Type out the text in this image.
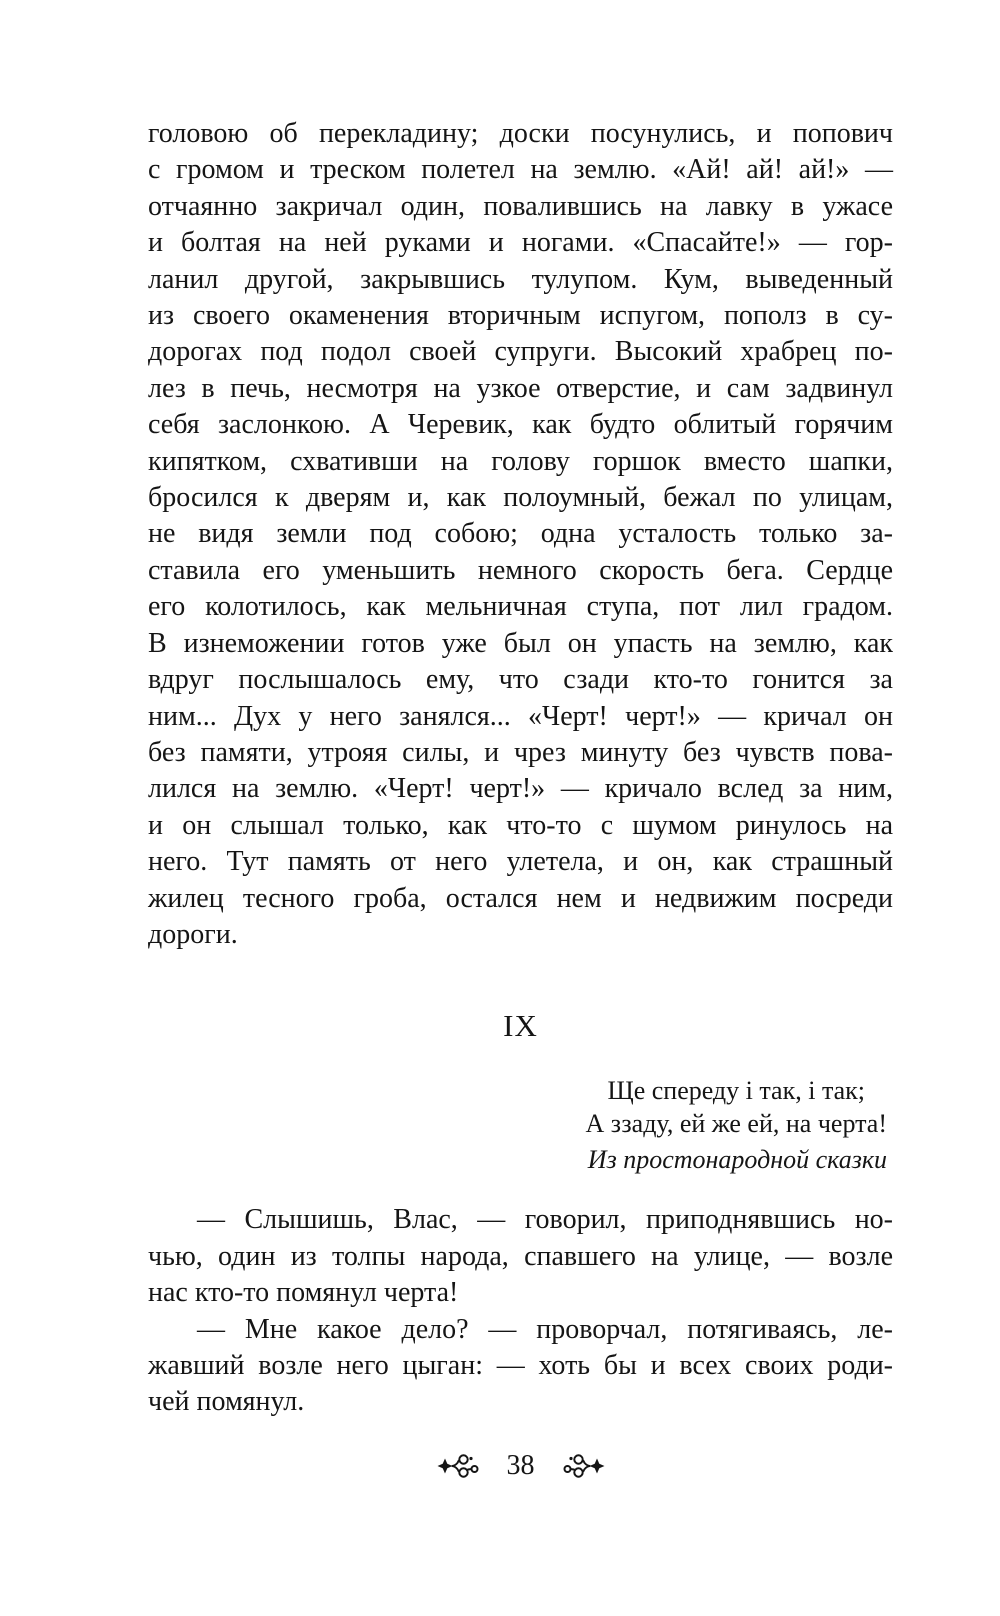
головою об перекладину; доски посунулись, и попович
с громом и треском полетел на землю. «Ай! ай! ай!» —
отчаянно закричал один, повалившись на лавку в ужасе
и болтая на ней руками и ногами. «Спасайте!» — гор-
ланил другой, закрывшись тулупом. Кум, выведенный
из своего окаменения вторичным испугом, пополз в су-
дорогах под подол своей супруги. Высокий храбрец по-
лез в печь, несмотря на узкое отверстие, и сам задвинул
себя заслонкою. А Черевик, как будто облитый горячим
кипятком, схвативши на голову горшок вместо шапки,
бросился к дверям и, как полоумный, бежал по улицам,
не видя земли под собою; одна усталость только за-
ставила его уменьшить немного скорость бега. Сердце
его колотилось, как мельничная ступа, пот лил градом.
В изнеможении готов уже был он упасть на землю, как
вдруг послышалось ему, что сзади кто-то гонится за
ним... Дух у него занялся... «Черт! черт!» — кричал он
без памяти, утрояя силы, и чрез минуту без чувств пова-
лился на землю. «Черт! черт!» — кричало вслед за ним,
и он слышал только, как что-то с шумом ринулось на
него. Тут память от него улетела, и он, как страшный
жилец тесного гроба, остался нем и недвижим посреди
дороги.
IX
Ще спереду і так, і так;
А ззаду, ей же ей, на черта!
Из простонародной сказки
— Слышишь, Влас, — говорил, приподнявшись но-
чью, один из толпы народа, спавшего на улице, — возле
нас кто-то помянул черта!
— Мне какое дело? — проворчал, потягиваясь, ле-
жавший возле него цыган: — хоть бы и всех своих роди-
чей помянул.
38
